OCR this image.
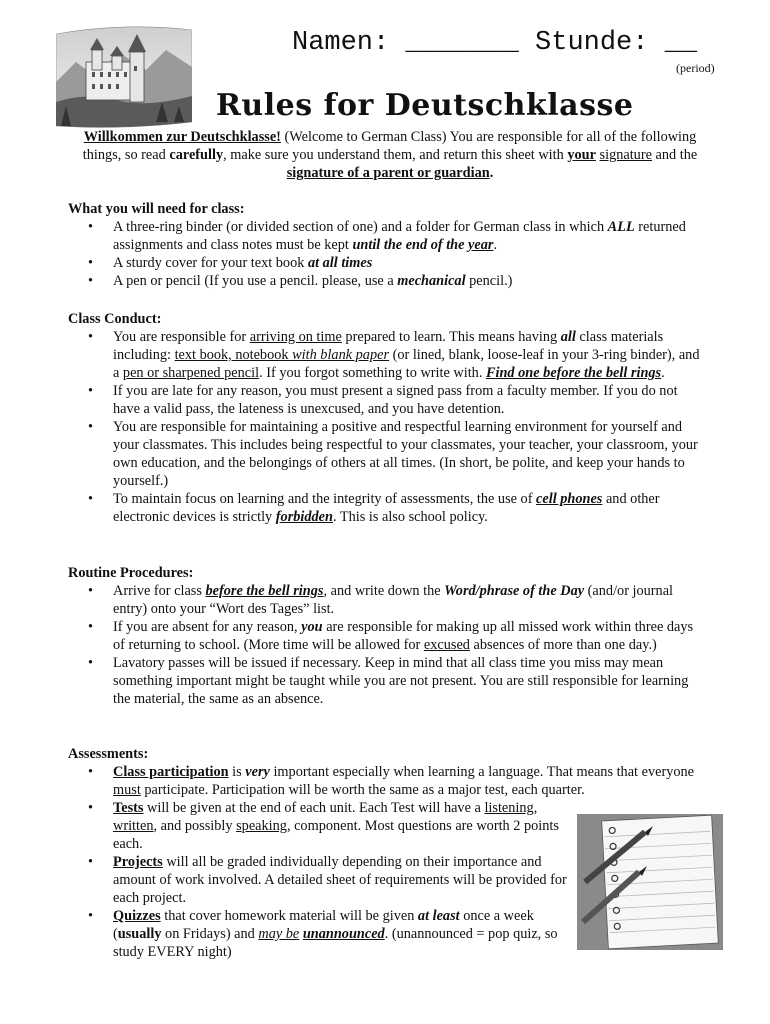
Namen: _______ Stunde: __
(period)
Rules for Deutschklasse
Willkommen zur Deutschklasse! (Welcome to German Class) You are responsible for all of the following things, so read carefully, make sure you understand them, and return this sheet with your signature and the signature of a parent or guardian.
What you will need for class:
• A three-ring binder (or divided section of one) and a folder for German class in which ALL returned assignments and class notes must be kept until the end of the year.
• A sturdy cover for your text book at all times
• A pen or pencil (If you use a pencil. please, use a mechanical pencil.)
Class Conduct:
• You are responsible for arriving on time prepared to learn. This means having all class materials including: text book, notebook with blank paper (or lined, blank, loose-leaf in your 3-ring binder), and a pen or sharpened pencil. If you forgot something to write with. Find one before the bell rings.
• If you are late for any reason, you must present a signed pass from a faculty member. If you do not have a valid pass, the lateness is unexcused, and you have detention.
• You are responsible for maintaining a positive and respectful learning environment for yourself and your classmates. This includes being respectful to your classmates, your teacher, your classroom, your own education, and the belongings of others at all times. (In short, be polite, and keep your hands to yourself.)
• To maintain focus on learning and the integrity of assessments, the use of cell phones and other electronic devices is strictly forbidden. This is also school policy.
Routine Procedures:
• Arrive for class before the bell rings, and write down the Word/phrase of the Day (and/or journal entry) onto your “Wort des Tages” list.
• If you are absent for any reason, you are responsible for making up all missed work within three days of returning to school. (More time will be allowed for excused absences of more than one day.)
• Lavatory passes will be issued if necessary. Keep in mind that all class time you miss may mean something important might be taught while you are not present. You are still responsible for learning the material, the same as an absence.
Assessments:
• Class participation is very important especially when learning a language. That means that everyone must participate. Participation will be worth the same as a major test, each quarter.
• Tests will be given at the end of each unit. Each Test will have a listening, written, and possibly speaking, component. Most questions are worth 2 points each.
• Projects will all be graded individually depending on their importance and amount of work involved. A detailed sheet of requirements will be provided for each project.
• Quizzes that cover homework material will be given at least once a week (usually on Fridays) and may be unannounced. (unannounced = pop quiz, so study EVERY night)
